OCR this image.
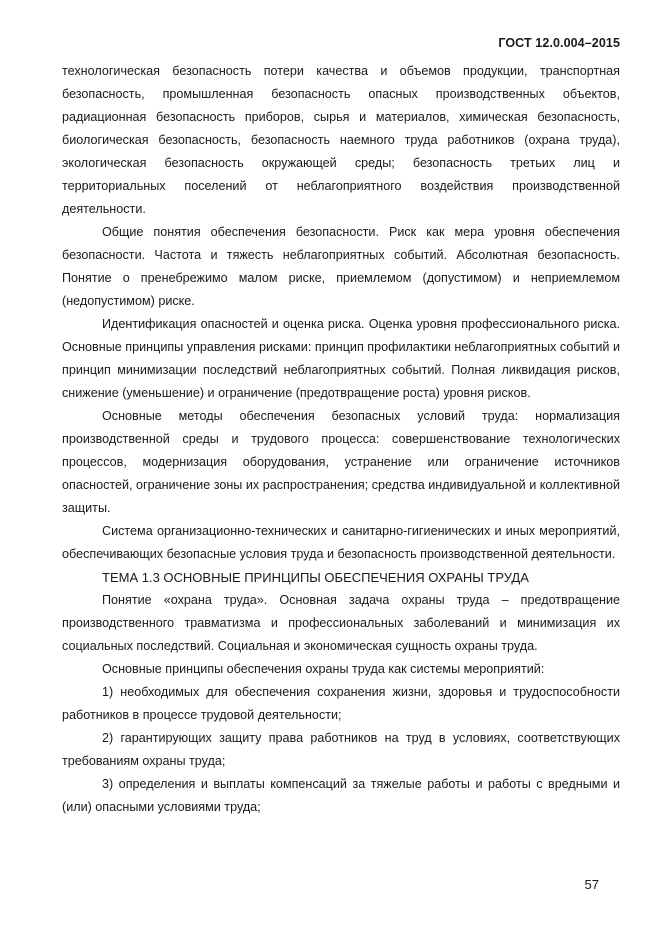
ГОСТ 12.0.004–2015

технологическая безопасность потери качества и объемов продукции, транспортная безопасность, промышленная безопасность опасных производственных объектов, радиационная безопасность приборов, сырья и материалов, химическая безопасность, биологическая безопасность, безопасность наемного труда работников (охрана труда), экологическая безопасность окружающей среды; безопасность третьих лиц и территориальных поселений от неблагоприятного воздействия производственной деятельности.

Общие понятия обеспечения безопасности. Риск как мера уровня обеспечения безопасности. Частота и тяжесть неблагоприятных событий. Абсолютная безопасность. Понятие о пренебрежимо малом риске, приемлемом (допустимом) и неприемлемом (недопустимом) риске.

Идентификация опасностей и оценка риска. Оценка уровня профессионального риска. Основные принципы управления рисками: принцип профилактики неблагоприятных событий и принцип минимизации последствий неблагоприятных событий. Полная ликвидация рисков, снижение (уменьшение) и ограничение (предотвращение роста) уровня рисков.

Основные методы обеспечения безопасных условий труда: нормализация производственной среды и трудового процесса: совершенствование технологических процессов, модернизация оборудования, устранение или ограничение источников опасностей, ограничение зоны их распространения; средства индивидуальной и коллективной защиты.

Система организационно-технических и санитарно-гигиенических и иных мероприятий, обеспечивающих безопасные условия труда и безопасность производственной деятельности.

ТЕМА 1.3 ОСНОВНЫЕ ПРИНЦИПЫ ОБЕСПЕЧЕНИЯ ОХРАНЫ ТРУДА

Понятие «охрана труда». Основная задача охраны труда – предотвращение производственного травматизма и профессиональных заболеваний и минимизация их социальных последствий. Социальная и экономическая сущность охраны труда.

Основные принципы обеспечения охраны труда как системы мероприятий:

1) необходимых для обеспечения сохранения жизни, здоровья и трудоспособности работников в процессе трудовой деятельности;

2) гарантирующих защиту права работников на труд в условиях, соответствующих требованиям охраны труда;

3) определения и выплаты компенсаций за тяжелые работы и работы с вредными и (или) опасными условиями труда;

57
